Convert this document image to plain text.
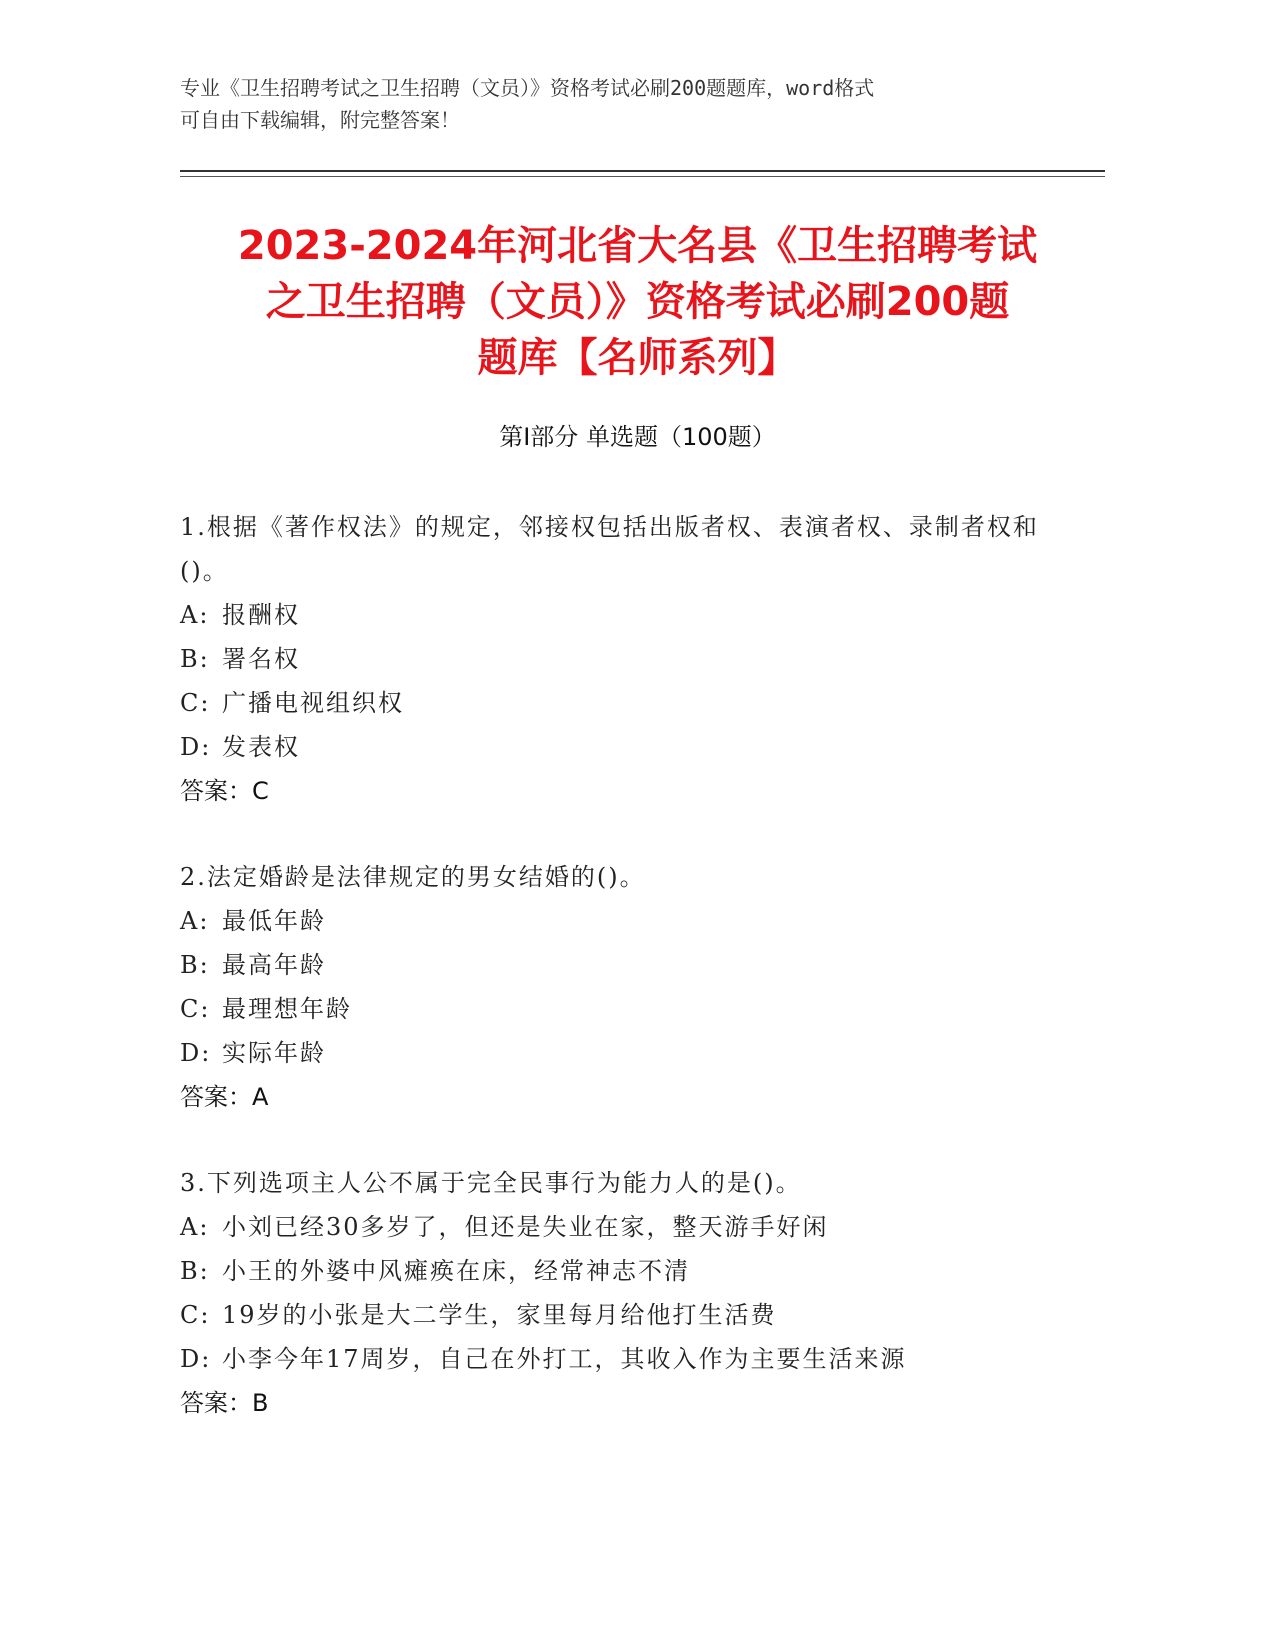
专业《卫生招聘考试之卫生招聘（文员）》资格考试必刷200题题库，word格式
可自由下载编辑，附完整答案！
2023-2024年河北省大名县《卫生招聘考试
之卫生招聘（文员）》资格考试必刷200题
题库【名师系列】
第Ⅰ部分 单选题（100题）
1.根据《著作权法》的规定，邻接权包括出版者权、表演者权、录制者权和()。
A: 报酬权
B: 署名权
C: 广播电视组织权
D: 发表权
答案：C
2.法定婚龄是法律规定的男女结婚的()。
A: 最低年龄
B: 最高年龄
C: 最理想年龄
D: 实际年龄
答案：A
3.下列选项主人公不属于完全民事行为能力人的是()。
A: 小刘已经30多岁了，但还是失业在家，整天游手好闲
B: 小王的外婆中风瘫痪在床，经常神志不清
C: 19岁的小张是大二学生，家里每月给他打生活费
D: 小李今年17周岁，自己在外打工，其收入作为主要生活来源
答案：B
